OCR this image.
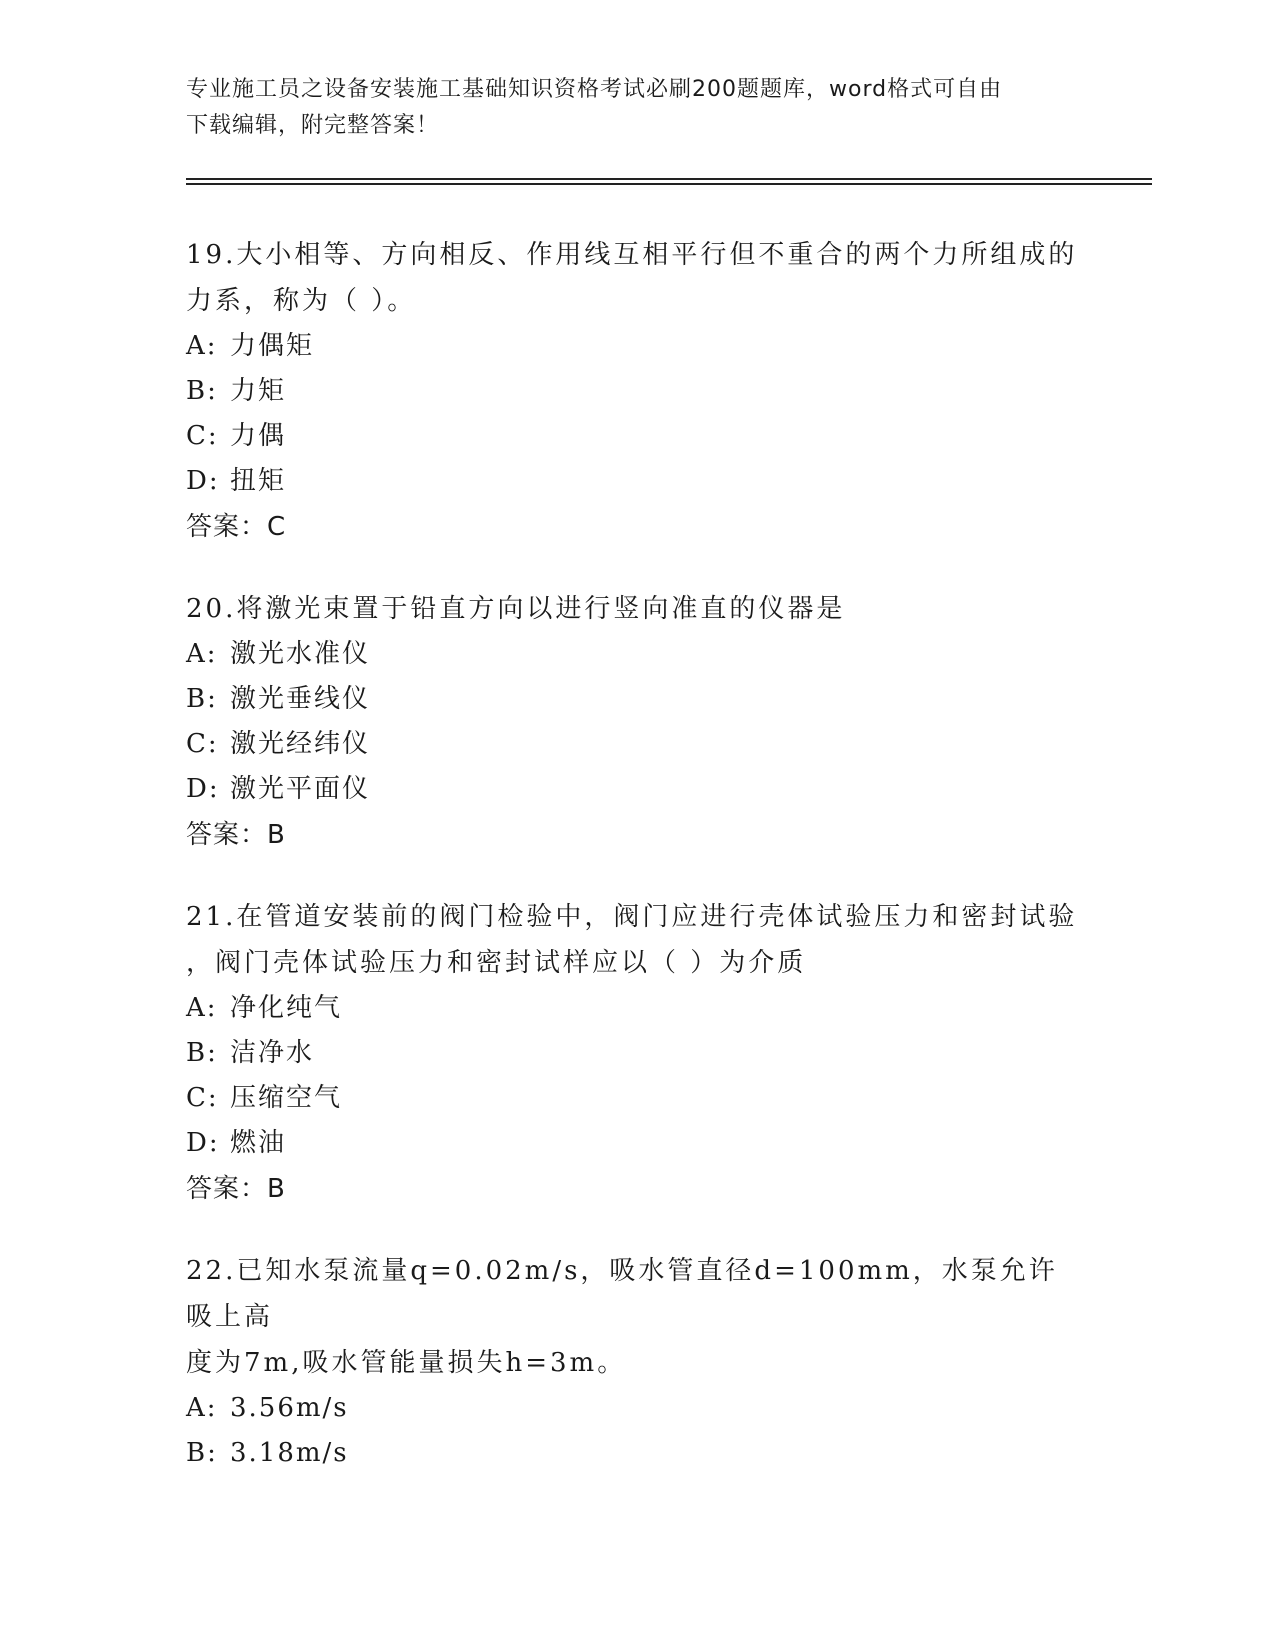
专业施工员之设备安装施工基础知识资格考试必刷200题题库，word格式可自由
下载编辑，附完整答案！

19.大小相等、方向相反、作用线互相平行但不重合的两个力所组成的

力系，称为（ ）。

A: 力偶矩

B: 力矩

C: 力偶

D: 扭矩

答案：C

20.将激光束置于铅直方向以进行竖向准直的仪器是

A: 激光水准仪

B: 激光垂线仪

C: 激光经纬仪

D: 激光平面仪

答案：B

21.在管道安装前的阀门检验中，阀门应进行壳体试验压力和密封试验

，阀门壳体试验压力和密封试样应以（ ）为介质

A: 净化纯气

B: 洁净水

C: 压缩空气

D: 燃油

答案：B

22.已知水泵流量q=0.02m/s，吸水管直径d=100mm，水泵允许吸上高

度为7m,吸水管能量损失h=3m。

A: 3.56m/s

B: 3.18m/s
